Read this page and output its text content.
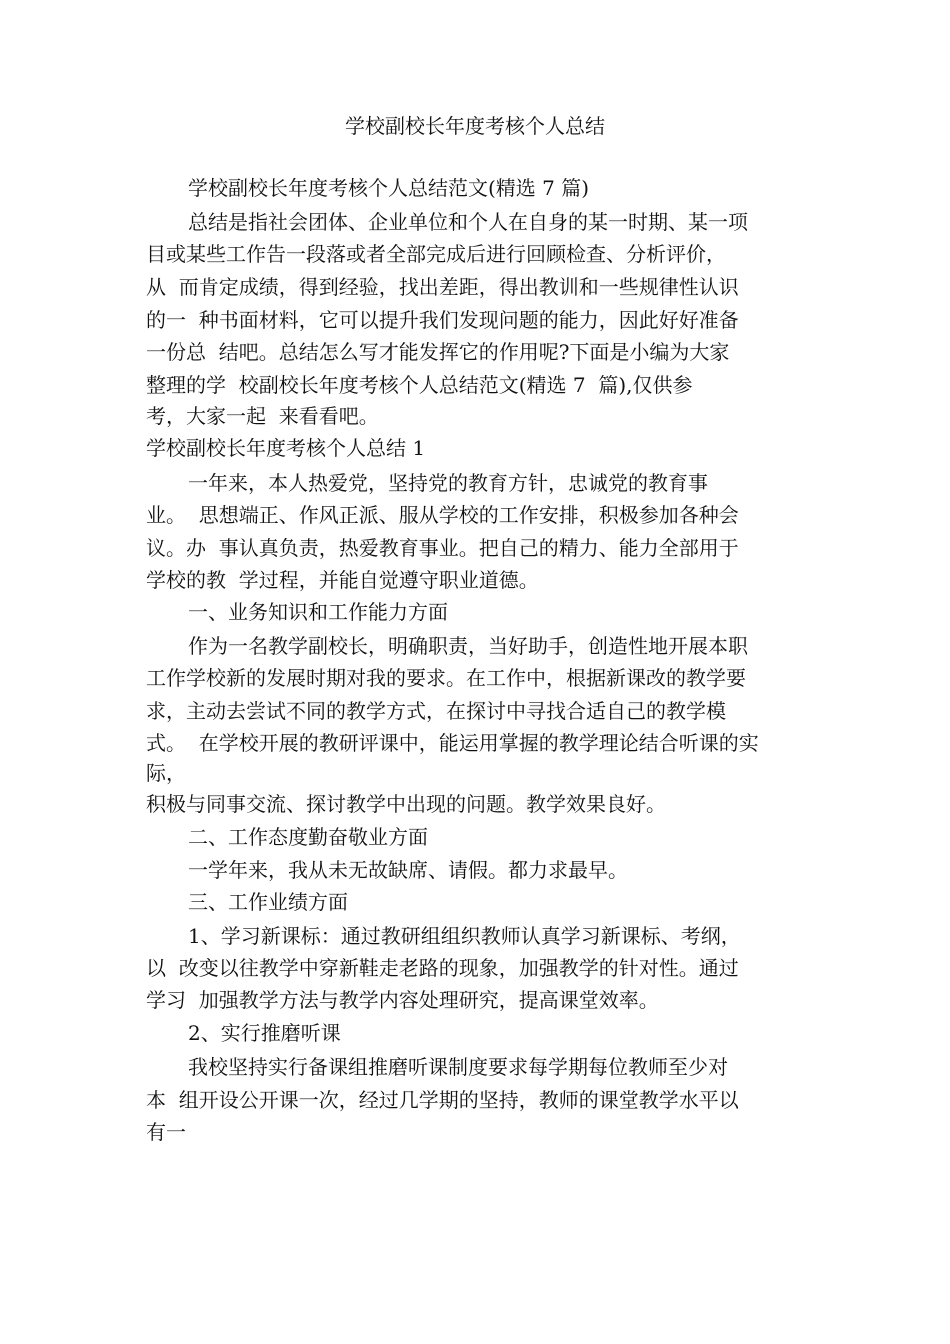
学校副校长年度考核个人总结
学校副校长年度考核个人总结范文(精选 7 篇)
总结是指社会团体、企业单位和个人在自身的某一时期、某一项
目或某些工作告一段落或者全部完成后进行回顾检查、分析评价，
从  而肯定成绩，得到经验，找出差距，得出教训和一些规律性认识
的一  种书面材料，它可以提升我们发现问题的能力，因此好好准备
一份总  结吧。总结怎么写才能发挥它的作用呢?下面是小编为大家
整理的学  校副校长年度考核个人总结范文(精选 7  篇),仅供参
考，大家一起  来看看吧。
学校副校长年度考核个人总结 1
一年来，本人热爱党，坚持党的教育方针，忠诚党的教育事
业。  思想端正、作风正派、服从学校的工作安排，积极参加各种会
议。办  事认真负责，热爱教育事业。把自己的精力、能力全部用于
学校的教  学过程，并能自觉遵守职业道德。
一、业务知识和工作能力方面
作为一名教学副校长，明确职责，当好助手，创造性地开展本职
工作学校新的发展时期对我的要求。在工作中，根据新课改的教学要
求，主动去尝试不同的教学方式，在探讨中寻找合适自己的教学模
式。  在学校开展的教研评课中，能运用掌握的教学理论结合听课的实
际，
积极与同事交流、探讨教学中出现的问题。教学效果良好。
二、工作态度勤奋敬业方面
一学年来，我从未无故缺席、请假。都力求最早。
三、工作业绩方面
1、学习新课标：通过教研组组织教师认真学习新课标、考纲，
以  改变以往教学中穿新鞋走老路的现象，加强教学的针对性。通过
学习  加强教学方法与教学内容处理研究，提高课堂效率。
2、实行推磨听课
我校坚持实行备课组推磨听课制度要求每学期每位教师至少对
本  组开设公开课一次，经过几学期的坚持，教师的课堂教学水平以
有一
